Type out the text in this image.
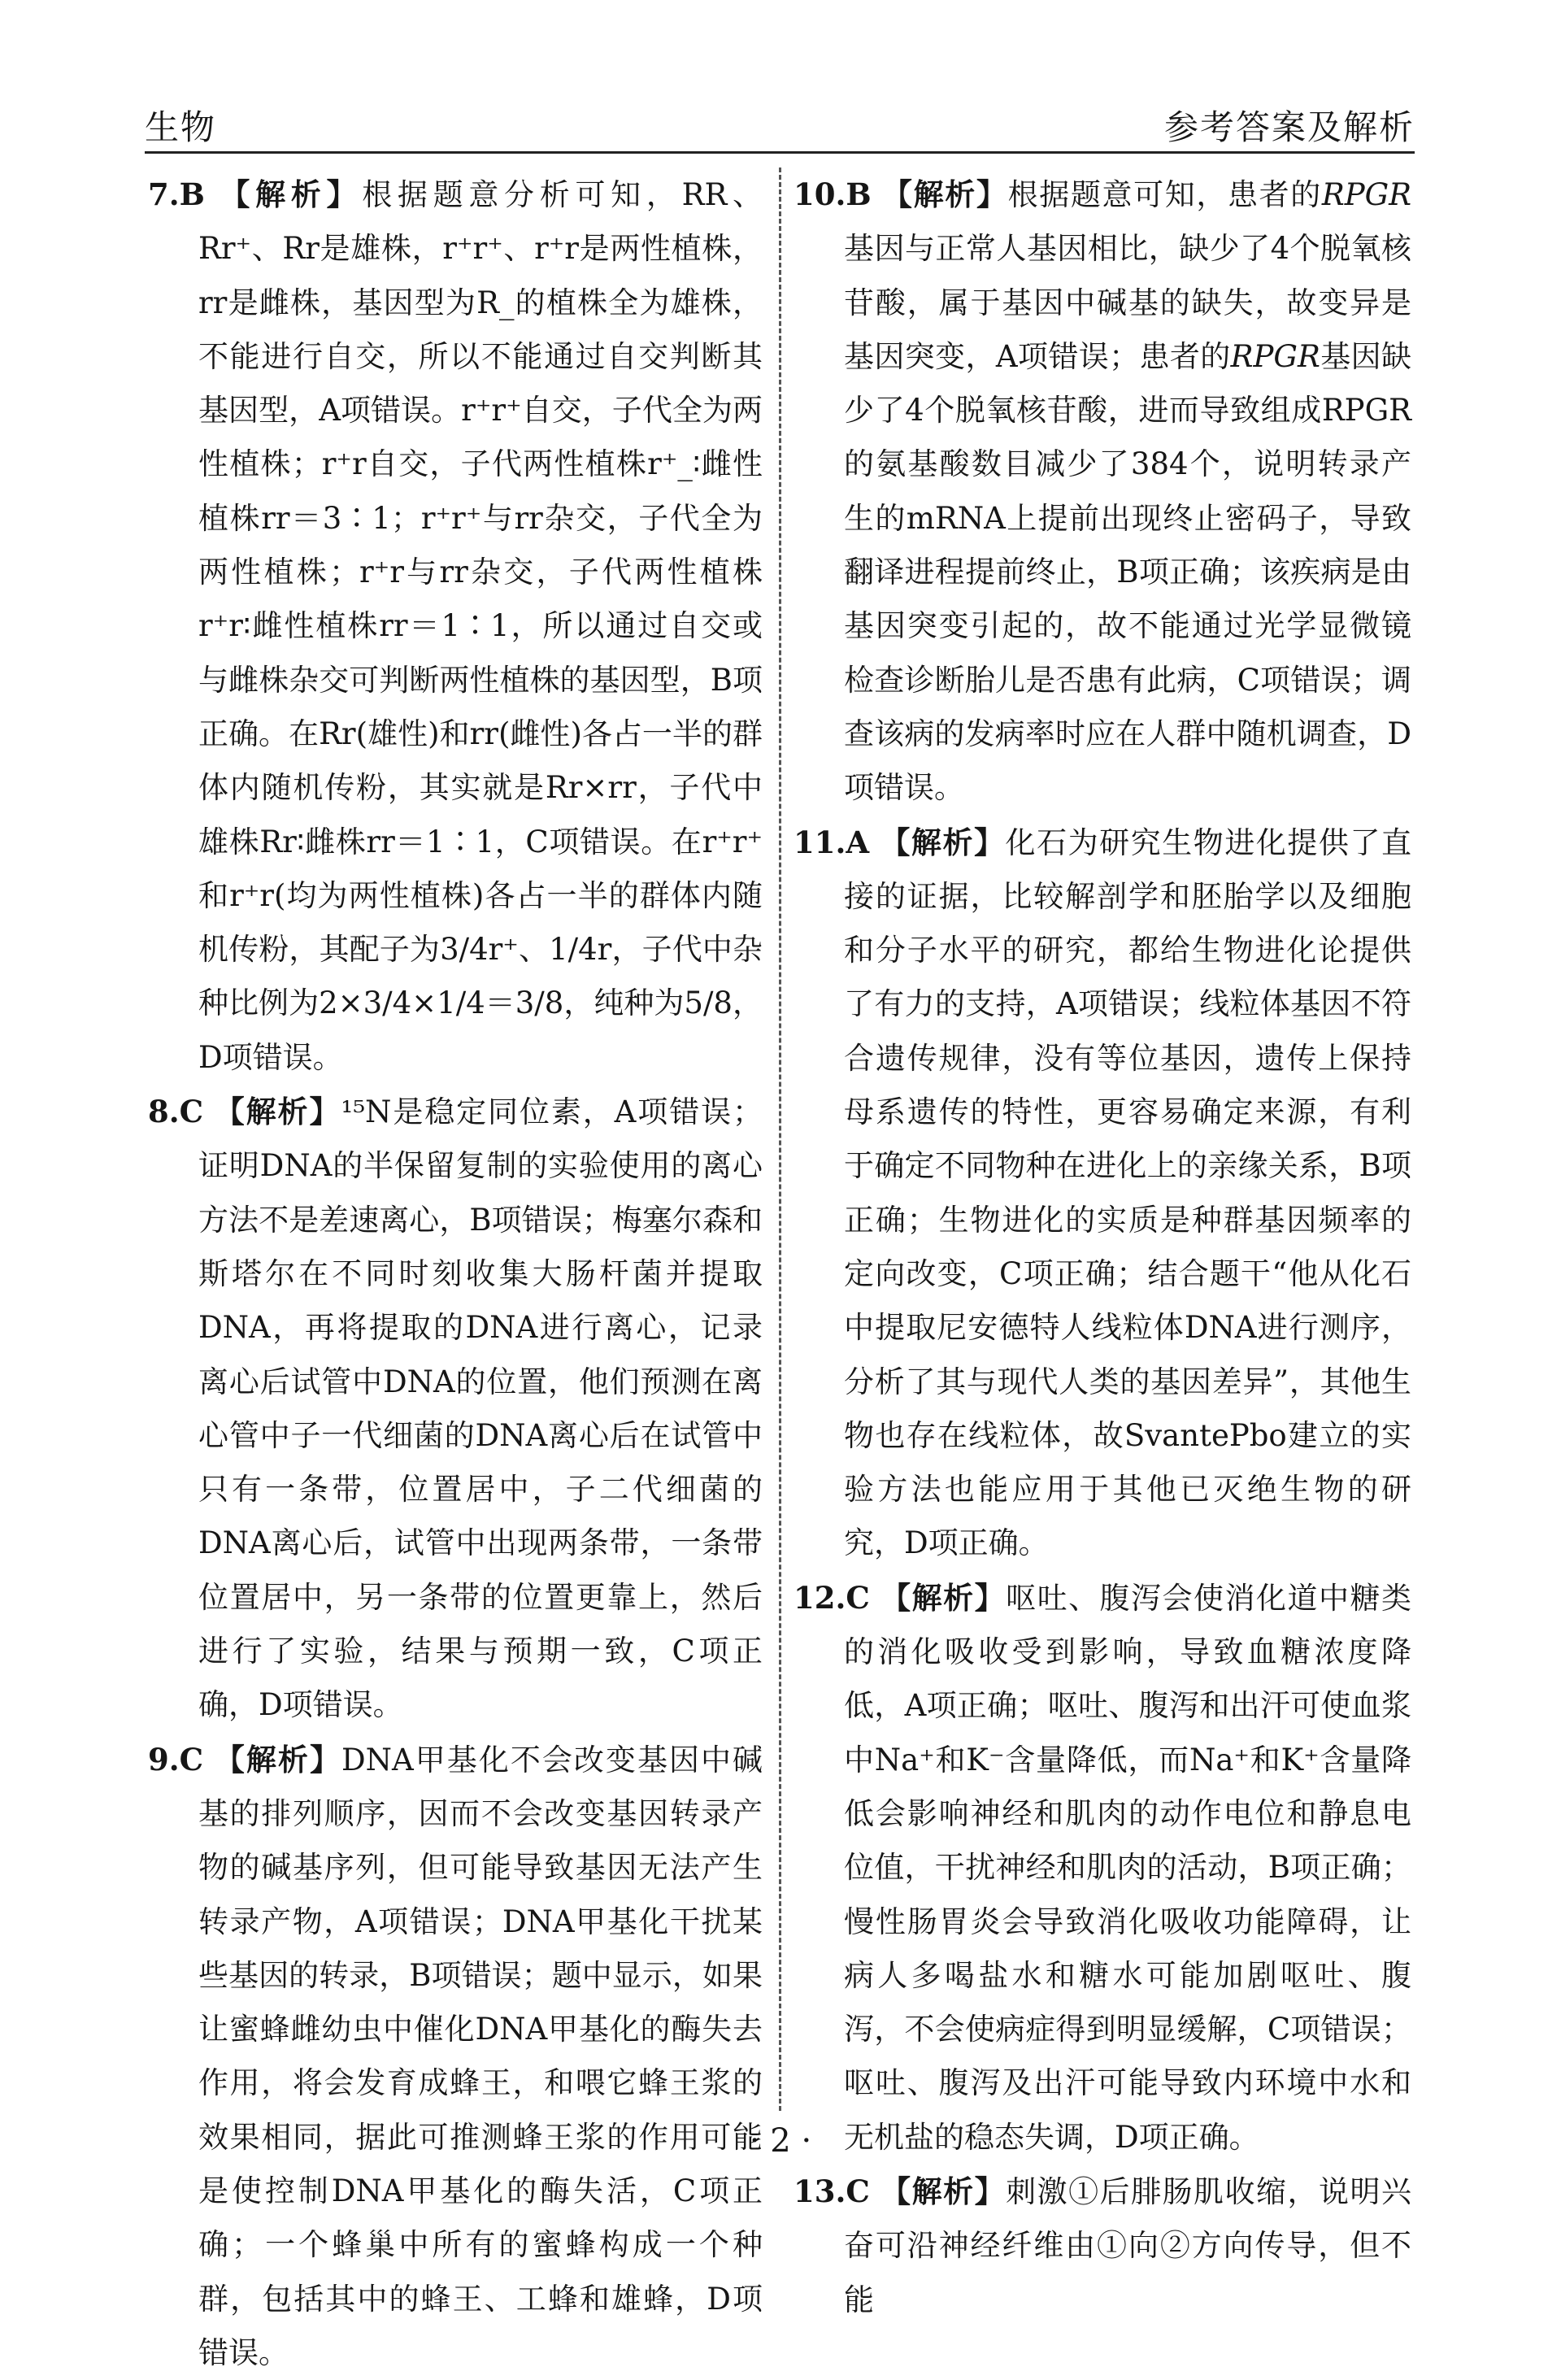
生物	参考答案及解析

7.B 【解析】根据题意分析可知，RR、Rr⁺、Rr是雄株，r⁺r⁺、r⁺r是两性植株，rr是雌株，基因型为R_的植株全为雄株，不能进行自交，所以不能通过自交判断其基因型，A项错误。r⁺r⁺自交，子代全为两性植株；r⁺r自交，子代两性植株r⁺_∶雌性植株rr＝3∶1；r⁺r⁺与rr杂交，子代全为两性植株；r⁺r与rr杂交，子代两性植株r⁺r∶雌性植株rr＝1∶1，所以通过自交或与雌株杂交可判断两性植株的基因型，B项正确。在Rr(雄性)和rr(雌性)各占一半的群体内随机传粉，其实就是Rr×rr，子代中雄株Rr∶雌株rr＝1∶1，C项错误。在r⁺r⁺和r⁺r(均为两性植株)各占一半的群体内随机传粉，其配子为3/4r⁺、1/4r，子代中杂种比例为2×3/4×1/4＝3/8，纯种为5/8，D项错误。

8.C 【解析】¹⁵N是稳定同位素，A项错误；证明DNA的半保留复制的实验使用的离心方法不是差速离心，B项错误；梅塞尔森和斯塔尔在不同时刻收集大肠杆菌并提取DNA，再将提取的DNA进行离心，记录离心后试管中DNA的位置，他们预测在离心管中子一代细菌的DNA离心后在试管中只有一条带，位置居中，子二代细菌的DNA离心后，试管中出现两条带，一条带位置居中，另一条带的位置更靠上，然后进行了实验，结果与预期一致，C项正确，D项错误。

9.C 【解析】DNA甲基化不会改变基因中碱基的排列顺序，因而不会改变基因转录产物的碱基序列，但可能导致基因无法产生转录产物，A项错误；DNA甲基化干扰某些基因的转录，B项错误；题中显示，如果让蜜蜂雌幼虫中催化DNA甲基化的酶失去作用，将会发育成蜂王，和喂它蜂王浆的效果相同，据此可推测蜂王浆的作用可能是使控制DNA甲基化的酶失活，C项正确；一个蜂巢中所有的蜜蜂构成一个种群，包括其中的蜂王、工蜂和雄蜂，D项错误。

10.B 【解析】根据题意可知，患者的RPGR基因与正常人基因相比，缺少了4个脱氧核苷酸，属于基因中碱基的缺失，故变异是基因突变，A项错误；患者的RPGR基因缺少了4个脱氧核苷酸，进而导致组成RPGR的氨基酸数目减少了384个，说明转录产生的mRNA上提前出现终止密码子，导致翻译进程提前终止，B项正确；该疾病是由基因突变引起的，故不能通过光学显微镜检查诊断胎儿是否患有此病，C项错误；调查该病的发病率时应在人群中随机调查，D项错误。

11.A 【解析】化石为研究生物进化提供了直接的证据，比较解剖学和胚胎学以及细胞和分子水平的研究，都给生物进化论提供了有力的支持，A项错误；线粒体基因不符合遗传规律，没有等位基因，遗传上保持母系遗传的特性，更容易确定来源，有利于确定不同物种在进化上的亲缘关系，B项正确；生物进化的实质是种群基因频率的定向改变，C项正确；结合题干“他从化石中提取尼安德特人线粒体DNA进行测序，分析了其与现代人类的基因差异”，其他生物也存在线粒体，故SvantePbo建立的实验方法也能应用于其他已灭绝生物的研究，D项正确。

12.C 【解析】呕吐、腹泻会使消化道中糖类的消化吸收受到影响，导致血糖浓度降低，A项正确；呕吐、腹泻和出汗可使血浆中Na⁺和K⁻含量降低，而Na⁺和K⁺含量降低会影响神经和肌肉的动作电位和静息电位值，干扰神经和肌肉的活动，B项正确；慢性肠胃炎会导致消化吸收功能障碍，让病人多喝盐水和糖水可能加剧呕吐、腹泻，不会使病症得到明显缓解，C项错误；呕吐、腹泻及出汗可能导致内环境中水和无机盐的稳态失调，D项正确。

13.C 【解析】刺激①后腓肠肌收缩，说明兴奋可沿神经纤维由①向②方向传导，但不能

· 2 ·
